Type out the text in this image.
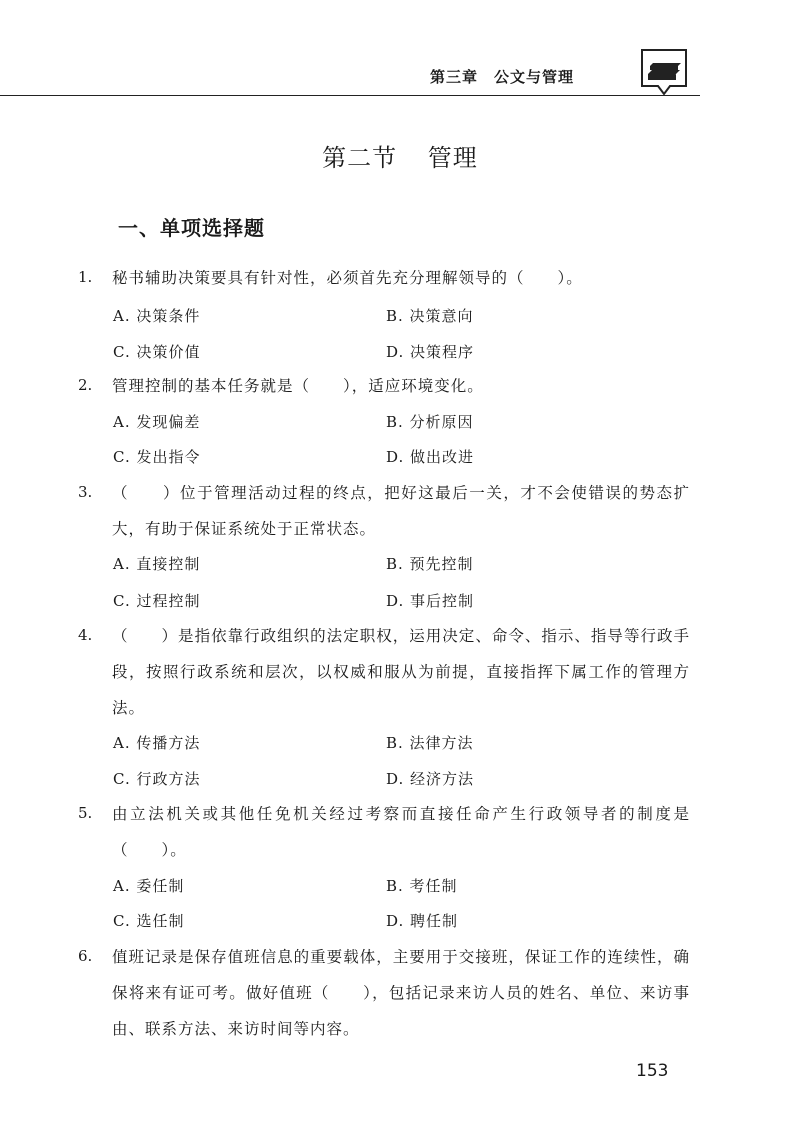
第三章　公文与管理
第二节 管理
一、单项选择题
1. 秘书辅助决策要具有针对性，必须首先充分理解领导的（　　）。
A. 决策条件	B. 决策意向
C. 决策价值	D. 决策程序
2. 管理控制的基本任务就是（　　），适应环境变化。
A. 发现偏差	B. 分析原因
C. 发出指令	D. 做出改进
3. （　　）位于管理活动过程的终点，把好这最后一关，才不会使错误的势态扩大，有助于保证系统处于正常状态。
A. 直接控制	B. 预先控制
C. 过程控制	D. 事后控制
4. （　　）是指依靠行政组织的法定职权，运用决定、命令、指示、指导等行政手段，按照行政系统和层次，以权威和服从为前提，直接指挥下属工作的管理方法。
A. 传播方法	B. 法律方法
C. 行政方法	D. 经济方法
5. 由立法机关或其他任免机关经过考察而直接任命产生行政领导者的制度是（　　）。
A. 委任制	B. 考任制
C. 选任制	D. 聘任制
6. 值班记录是保存值班信息的重要载体，主要用于交接班，保证工作的连续性，确保将来有证可考。做好值班（　　），包括记录来访人员的姓名、单位、来访事由、联系方法、来访时间等内容。
153
